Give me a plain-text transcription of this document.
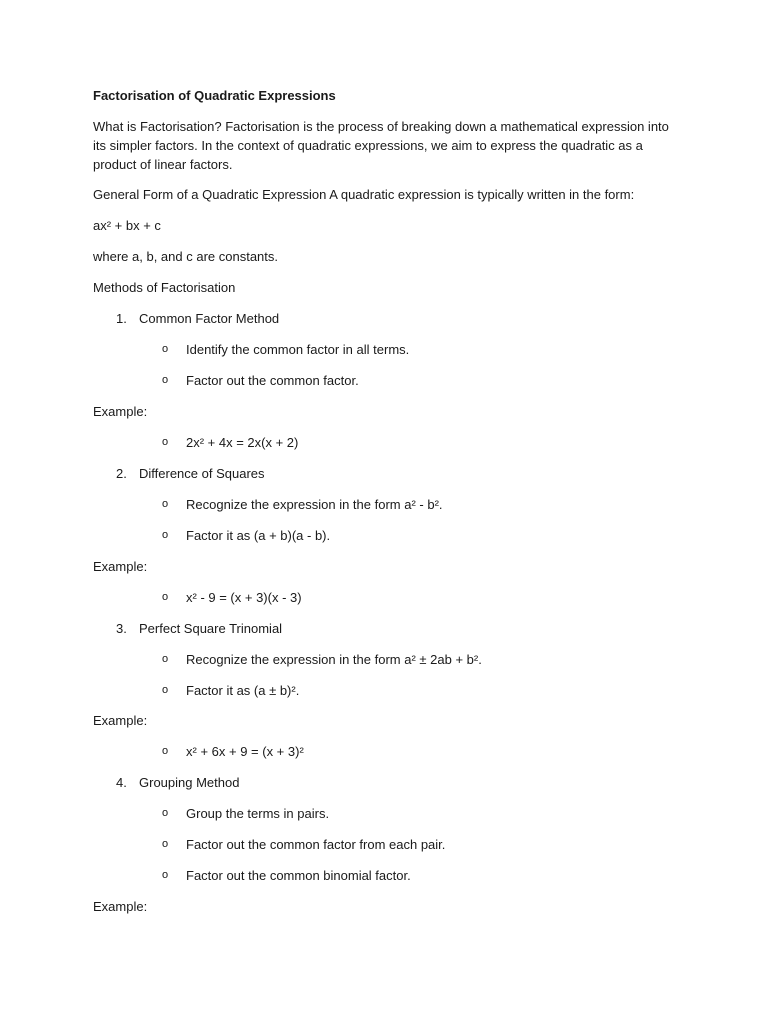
Factorisation of Quadratic Expressions
What is Factorisation? Factorisation is the process of breaking down a mathematical expression into its simpler factors. In the context of quadratic expressions, we aim to express the quadratic as a product of linear factors.
General Form of a Quadratic Expression A quadratic expression is typically written in the form:
ax² + bx + c
where a, b, and c are constants.
Methods of Factorisation
1. Common Factor Method
o Identify the common factor in all terms.
o Factor out the common factor.
Example:
o 2x² + 4x = 2x(x + 2)
2. Difference of Squares
o Recognize the expression in the form a² - b².
o Factor it as (a + b)(a - b).
Example:
o x² - 9 = (x + 3)(x - 3)
3. Perfect Square Trinomial
o Recognize the expression in the form a² ± 2ab + b².
o Factor it as (a ± b)².
Example:
o x² + 6x + 9 = (x + 3)²
4. Grouping Method
o Group the terms in pairs.
o Factor out the common factor from each pair.
o Factor out the common binomial factor.
Example:
